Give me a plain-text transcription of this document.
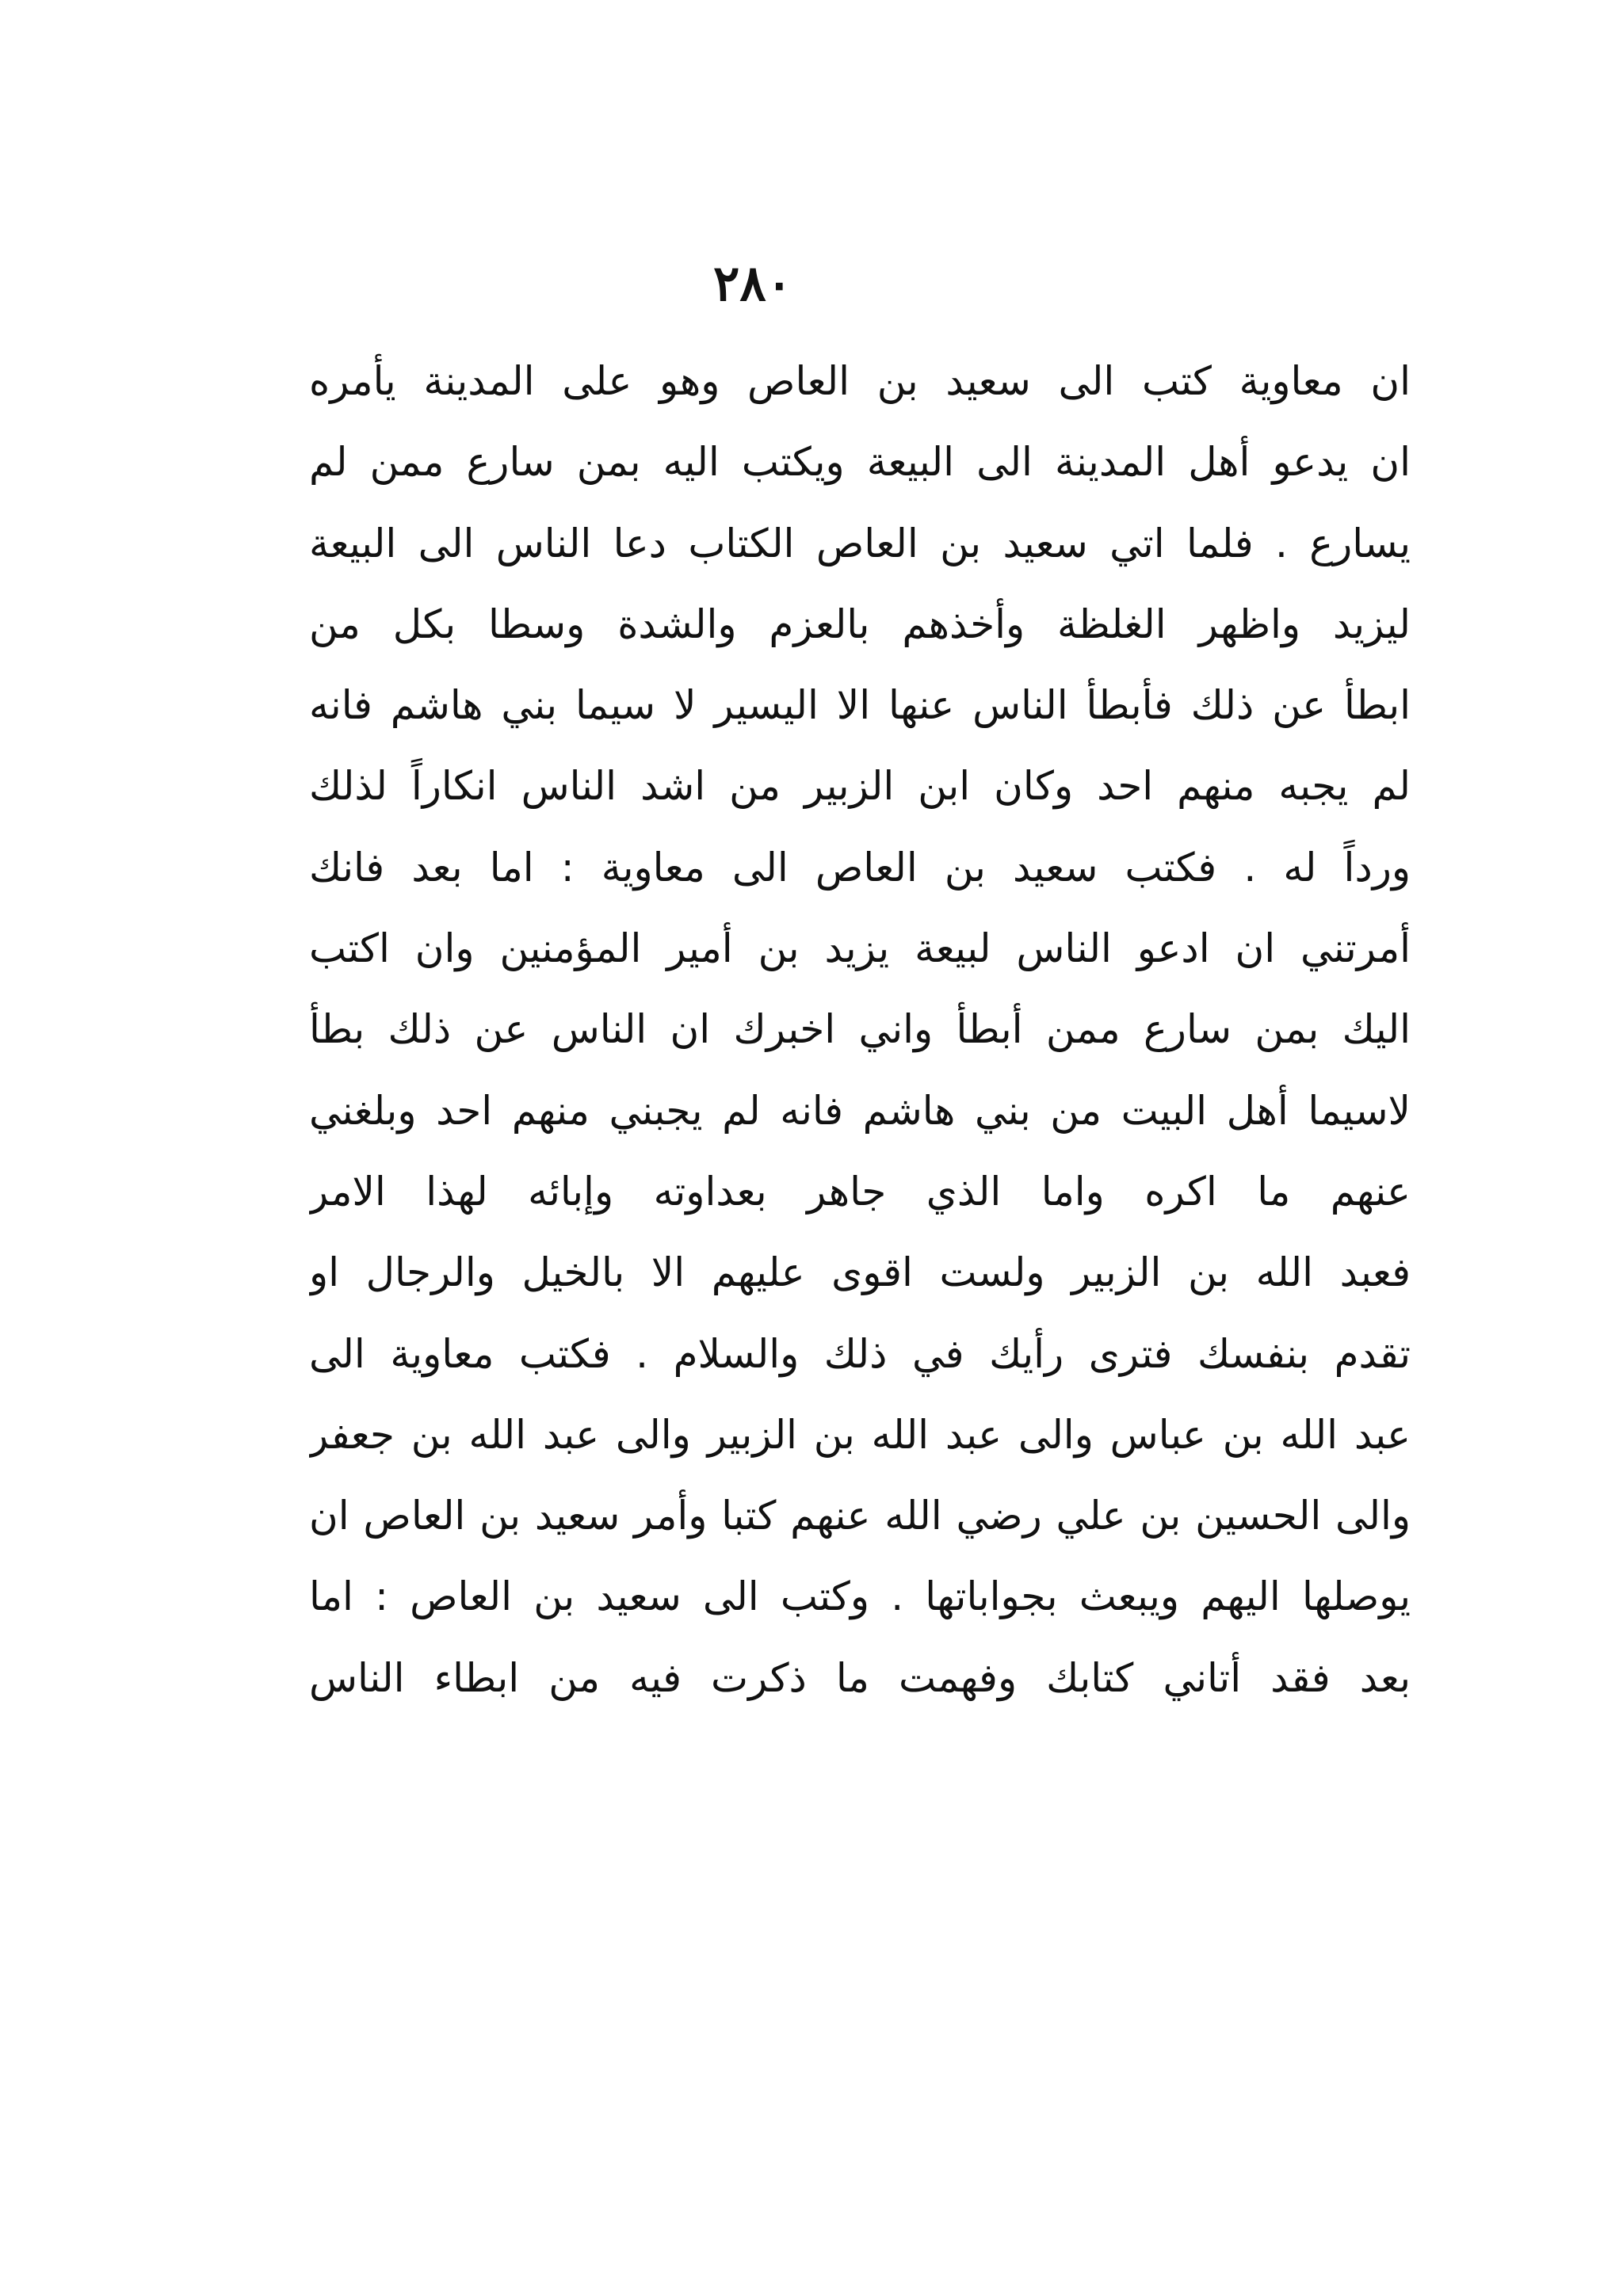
٢٨٠
ان معاوية كتب الى سعيد بن العاص وهو على المدينة يأمره
ان يدعو أهل المدينة الى البيعة ويكتب اليه بمن سارع ممن لم
يسارع . فلما اتي سعيد بن العاص الكتاب دعا الناس الى البيعة
ليزيد واظهر الغلظة وأخذهم بالعزم والشدة وسطا بكل من
ابطأ عن ذلك فأبطأ الناس عنها الا اليسير لا سيما بني هاشم فانه
لم يجبه منهم احد وكان ابن الزبير من اشد الناس انكاراً لذلك
ورداً له . فكتب سعيد بن العاص الى معاوية : اما بعد فانك
أمرتني ان ادعو الناس لبيعة يزيد بن أمير المؤمنين وان اكتب
اليك بمن سارع ممن أبطأ واني اخبرك ان الناس عن ذلك بطأ
لاسيما أهل البيت من بني هاشم فانه لم يجبني منهم احد وبلغني
عنهم ما اكره واما الذي جاهر بعداوته وإبائه لهذا الامر
فعبد الله بن الزبير ولست اقوى عليهم الا بالخيل والرجال او
تقدم بنفسك فترى رأيك في ذلك والسلام . فكتب معاوية الى
عبد الله بن عباس والى عبد الله بن الزبير والى عبد الله بن جعفر
والى الحسين بن علي رضي الله عنهم كتبا وأمر سعيد بن العاص ان
يوصلها اليهم ويبعث بجواباتها . وكتب الى سعيد بن العاص : اما
بعد فقد أتاني كتابك وفهمت ما ذكرت فيه من ابطاء الناس
